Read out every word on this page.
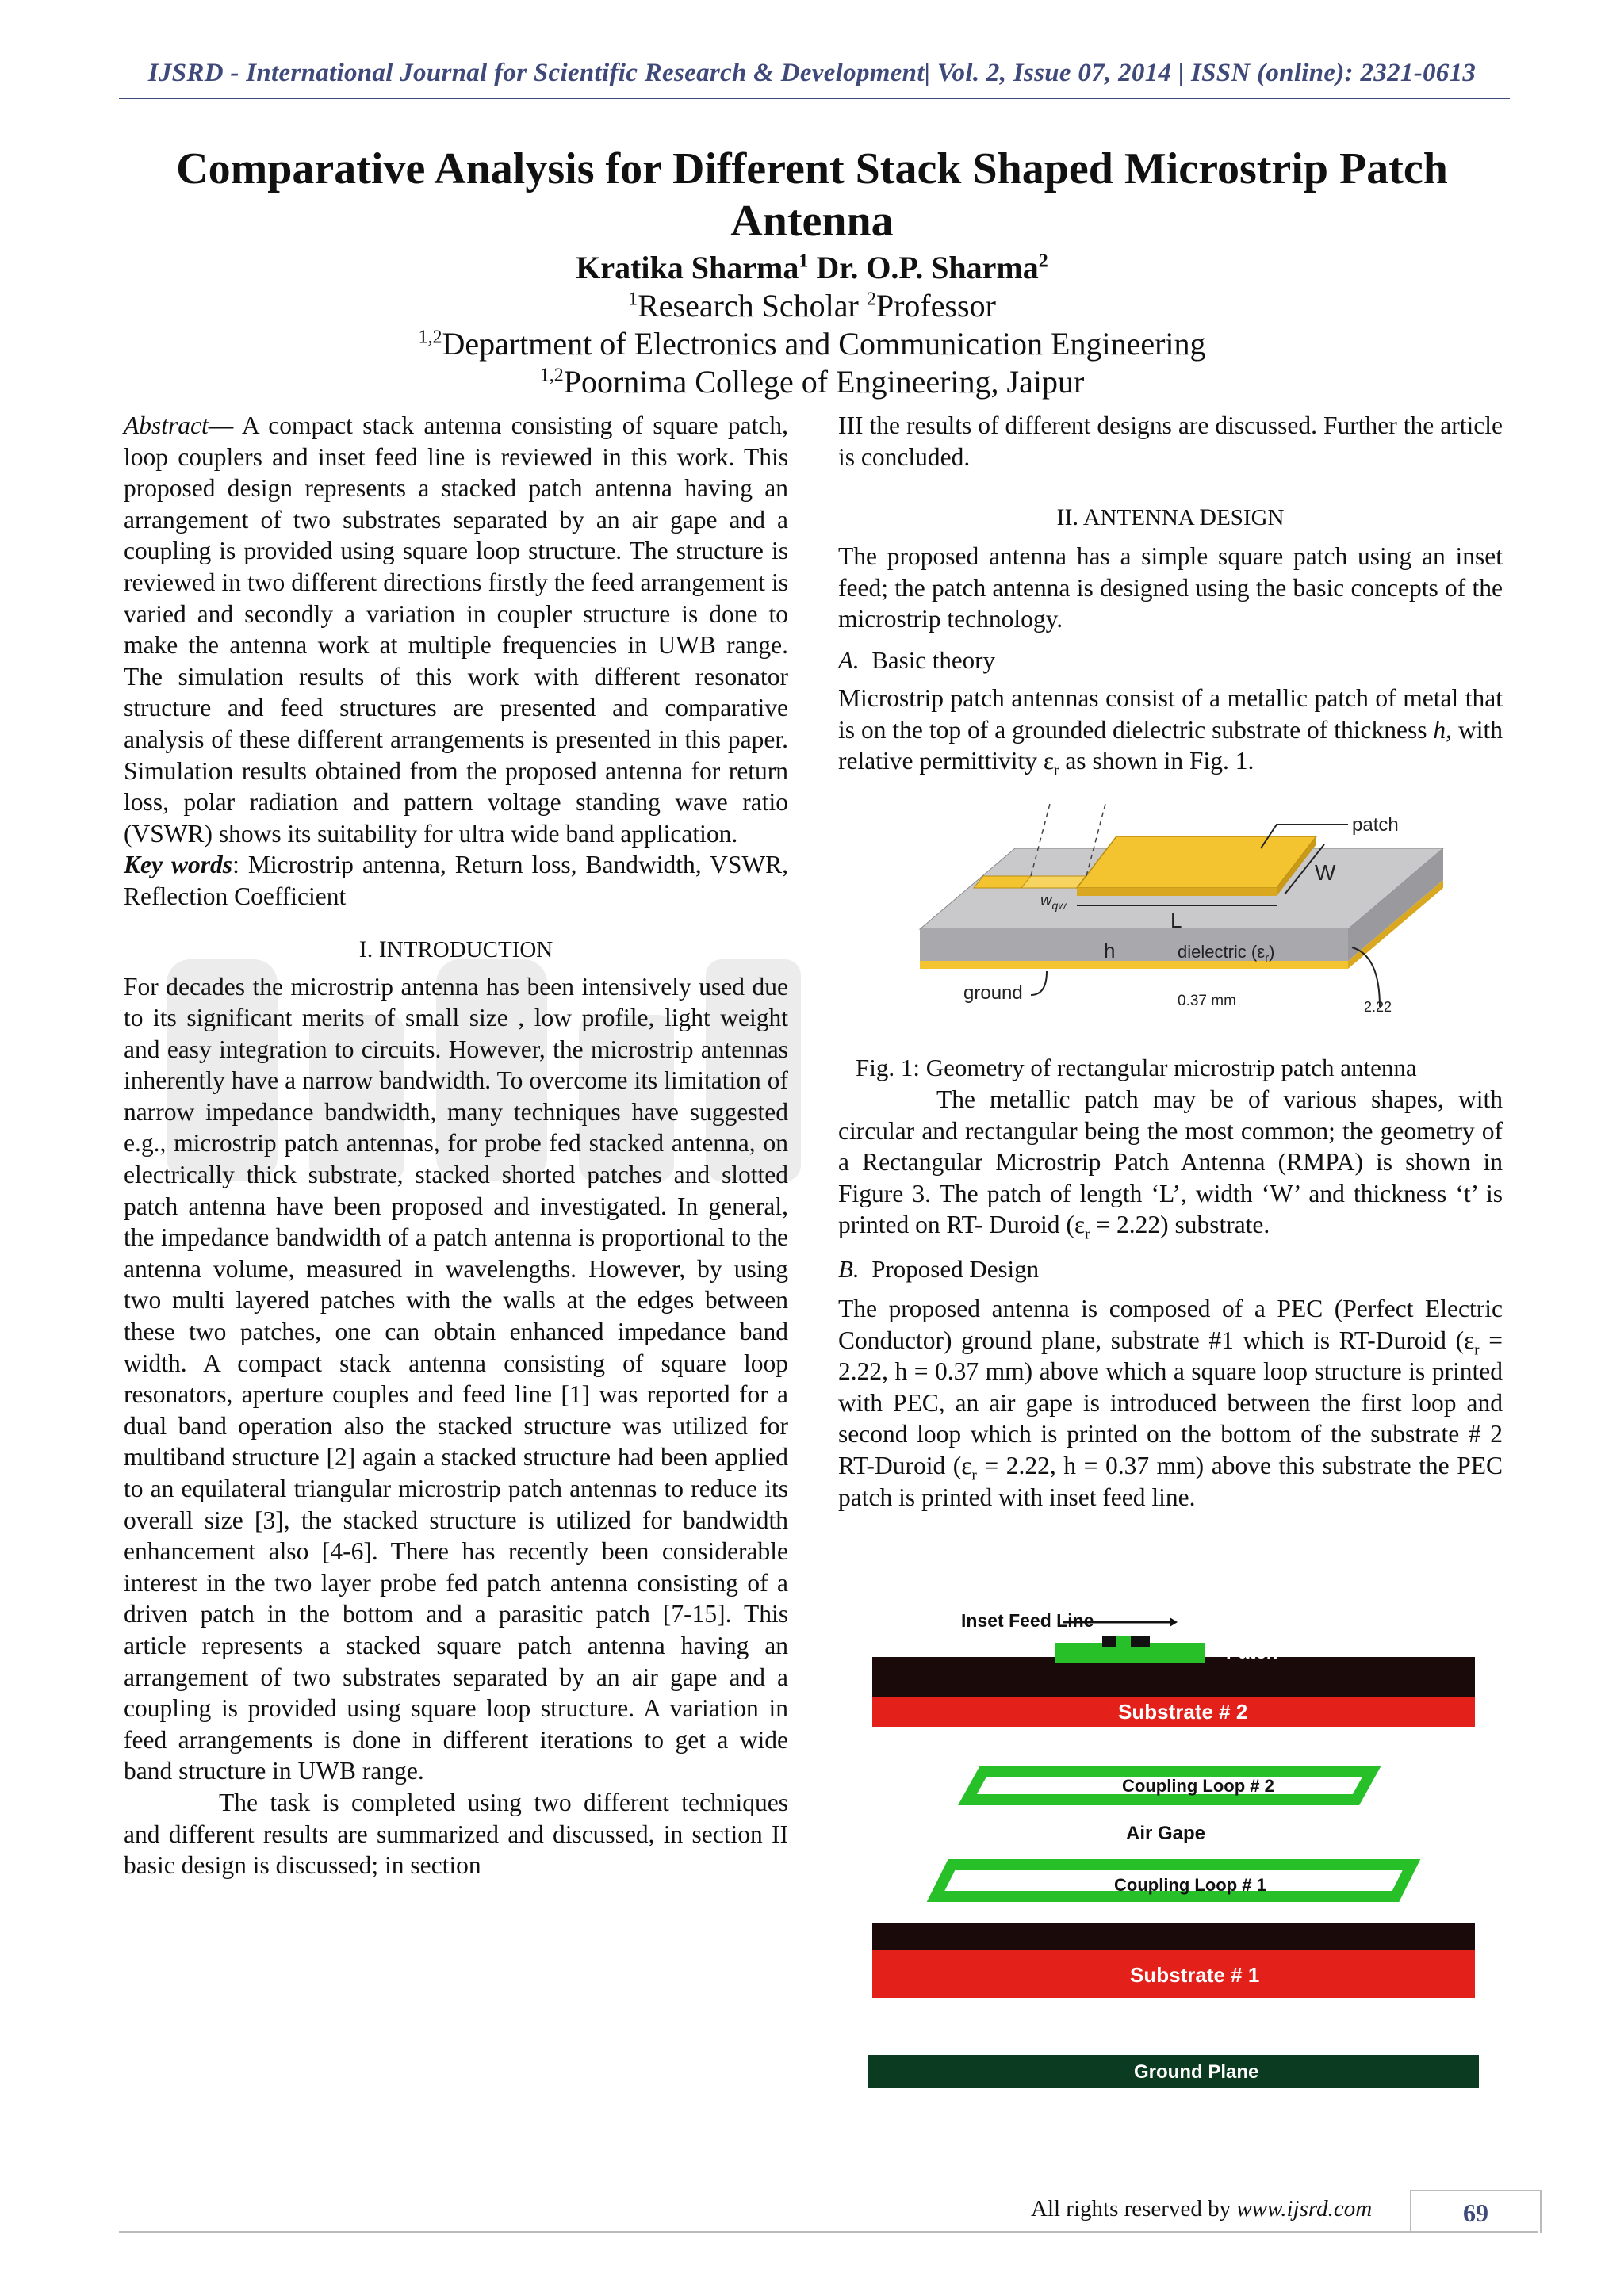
IJSRD - International Journal for Scientific Research & Development| Vol. 2, Issue 07, 2014 | ISSN (online): 2321-0613
Comparative Analysis for Different Stack Shaped Microstrip Patch
Antenna
Kratika Sharma$^1$ Dr. O.P. Sharma$^2$
$^1$Research Scholar $^2$Professor
$^{1,2}$Department of Electronics and Communication Engineering
$^{1,2}$Poornima College of Engineering, Jaipur

Abstract— A compact stack antenna consisting of square patch, loop couplers and inset feed line is reviewed in this work. This proposed design represents a stacked patch antenna having an arrangement of two substrates separated by an air gape and a coupling is provided using square loop structure. The structure is reviewed in two different directions firstly the feed arrangement is varied and secondly a variation in coupler structure is done to make the antenna work at multiple frequencies in UWB range. The simulation results of this work with different resonator structure and feed structures are presented and comparative analysis of these different arrangements is presented in this paper. Simulation results obtained from the proposed antenna for return loss, polar radiation and pattern voltage standing wave ratio (VSWR) shows its suitability for ultra wide band application.

Key words: Microstrip antenna, Return loss, Bandwidth, VSWR, Reflection Coefficient

I. INTRODUCTION

For decades the microstrip antenna has been intensively used due to its significant merits of small size , low profile, light weight and easy integration to circuits. However, the microstrip antennas inherently have a narrow bandwidth. To overcome its limitation of narrow impedance bandwidth, many techniques have suggested e.g., microstrip patch antennas, for probe fed stacked antenna, on electrically thick substrate, stacked shorted patches and slotted patch antenna have been proposed and investigated. In general, the impedance bandwidth of a patch antenna is proportional to the antenna volume, measured in wavelengths. However, by using two multi layered patches with the walls at the edges between these two patches, one can obtain enhanced impedance band width. A compact stack antenna consisting of square loop resonators, aperture couples and feed line [1] was reported for a dual band operation also the stacked structure was utilized for multiband structure [2] again a stacked structure had been applied to an equilateral triangular microstrip patch antennas to reduce its overall size [3], the stacked structure is utilized for bandwidth enhancement also [4-6]. There has recently been considerable interest in the two layer probe fed patch antenna consisting of a driven patch in the bottom and a parasitic patch [7-15]. This article represents a stacked square patch antenna having an arrangement of two substrates separated by an air gape and a coupling is provided using square loop structure. A variation in feed arrangements is done in different iterations to get a wide band structure in UWB range.

The task is completed using two different techniques and different results are summarized and discussed, in section II basic design is discussed; in section

III the results of different designs are discussed. Further the article is concluded.

II. ANTENNA DESIGN

The proposed antenna has a simple square patch using an inset feed; the patch antenna is designed using the basic concepts of the microstrip technology.

A. Basic theory

Microstrip patch antennas consist of a metallic patch of metal that is on the top of a grounded dielectric substrate of thickness h, with relative permittivity $\varepsilon_r$ as shown in Fig. 1.

patch
W
L
$w_{qw}$
h	dielectric $(\varepsilon_r)$
ground	0.37 mm	2.22
Fig. 1: Geometry of rectangular microstrip patch antenna

The metallic patch may be of various shapes, with circular and rectangular being the most common; the geometry of a Rectangular Microstrip Patch Antenna (RMPA) is shown in Figure 3. The patch of length ‘L’, width ‘W’ and thickness ‘t’ is printed on RT- Duroid $(\varepsilon_r = 2.22)$ substrate.

B. Proposed Design

The proposed antenna is composed of a PEC (Perfect Electric Conductor) ground plane, substrate #1 which is RT-Duroid ($\varepsilon_r = 2.22$, h = 0.37 mm) above which a square loop structure is printed with PEC, an air gape is introduced between the first loop and second loop which is printed on the bottom of the substrate # 2 RT-Duroid ($\varepsilon_r = 2.22$, h = 0.37 mm) above this substrate the PEC patch is printed with inset feed line.

Inset Feed Line
Patch
Substrate # 2
Coupling Loop # 2
Air Gape
Coupling Loop # 1
Substrate # 1
Ground Plane
All rights reserved by www.ijsrd.com	69
